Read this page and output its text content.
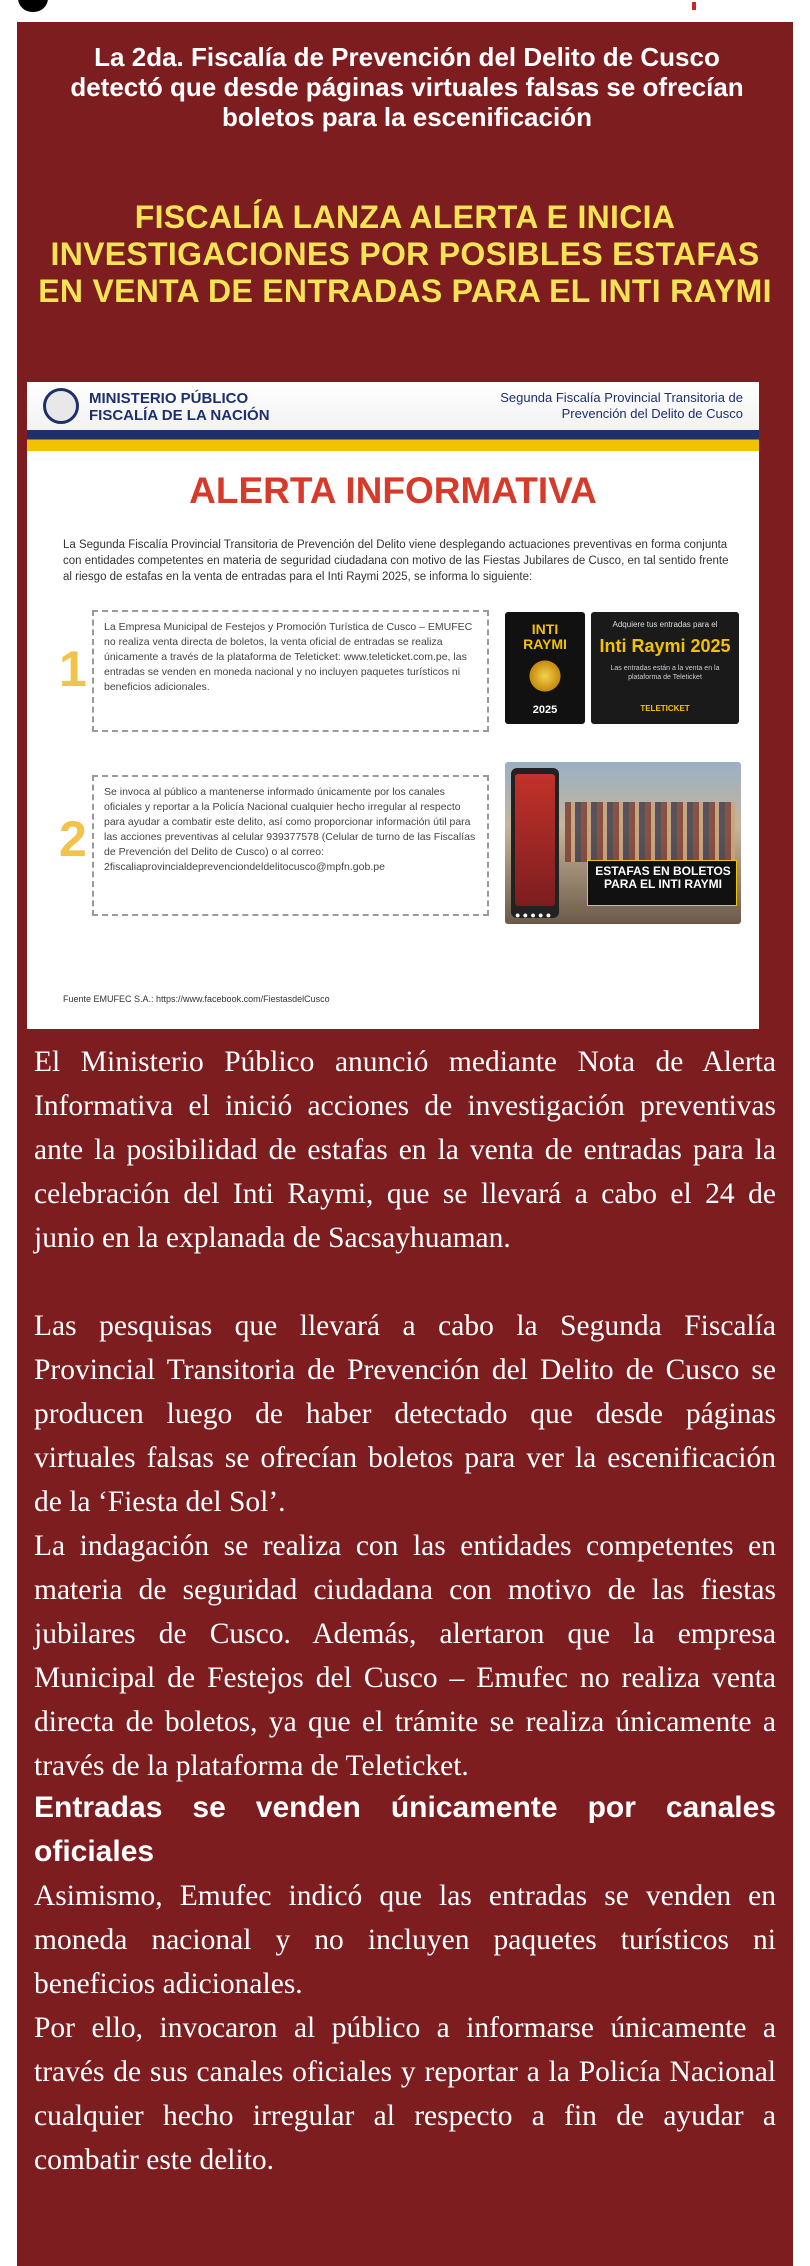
La 2da. Fiscalía de Prevención del Delito de Cusco detectó que desde páginas virtuales falsas se ofrecían boletos para la escenificación
FISCALÍA LANZA ALERTA E INICIA INVESTIGACIONES POR POSIBLES ESTAFAS EN VENTA DE ENTRADAS PARA EL INTI RAYMI
MINISTERIO PÚBLICO
FISCALÍA DE LA NACIÓN
Segunda Fiscalía Provincial Transitoria de Prevención del Delito de Cusco
ALERTA INFORMATIVA
La Segunda Fiscalía Provincial Transitoria de Prevención del Delito viene desplegando actuaciones preventivas en forma conjunta con entidades competentes en materia de seguridad ciudadana con motivo de las Fiestas Jubilares de Cusco, en tal sentido frente al riesgo de estafas en la venta de entradas para el Inti Raymi 2025, se informa lo siguiente:
1
La Empresa Municipal de Festejos y Promoción Turística de Cusco – EMUFEC no realiza venta directa de boletos, la venta oficial de entradas se realiza únicamente a través de la plataforma de Teleticket: www.teleticket.com.pe, las entradas se venden en moneda nacional y no incluyen paquetes turísticos ni beneficios adicionales.
2
Se invoca al público a mantenerse informado únicamente por los canales oficiales y reportar a la Policía Nacional cualquier hecho irregular al respecto para ayudar a combatir este delito, así como proporcionar información útil para las acciones preventivas al celular 939377578 (Celular de turno de las Fiscalías de Prevención del Delito de Cusco) o al correo: 2fiscaliaprovincialdeprevenciondeldelitocusco@mpfn.gob.pe
INTI RAYMI
2025
Adquiere tus entradas para el
Inti Raymi 2025
Las entradas están a la venta en la plataforma de Teleticket
TELETICKET
ESTAFAS EN BOLETOS PARA EL INTI RAYMI
● ● ● ● ●
Fuente EMUFEC S.A.: https://www.facebook.com/FiestasdelCusco

El Ministerio Público anunció mediante Nota de Alerta Informativa el inició acciones de investigación preventivas ante la posibilidad de estafas en la venta de entradas para la celebración del Inti Raymi, que se llevará a cabo el 24 de junio en la explanada de Sacsayhuaman.

Las pesquisas que llevará a cabo la Segunda Fiscalía Provincial Transitoria de Prevención del Delito de Cusco se producen luego de haber detectado que desde páginas virtuales falsas se ofrecían boletos para ver la escenificación de la ‘Fiesta del Sol’.

La indagación se realiza con las entidades competentes en materia de seguridad ciudadana con motivo de las fiestas jubilares de Cusco. Además, alertaron que la empresa Municipal de Festejos del Cusco – Emufec no realiza venta directa de boletos, ya que el trámite se realiza únicamente a través de la plataforma de Teleticket.

Entradas se venden únicamente por canales oficiales

Asimismo, Emufec indicó que las entradas se venden en moneda nacional y no incluyen paquetes turísticos ni beneficios adicionales.

Por ello, invocaron al público a informarse únicamente a través de sus canales oficiales y reportar a la Policía Nacional cualquier hecho irregular al respecto a fin de ayudar a combatir este delito.
